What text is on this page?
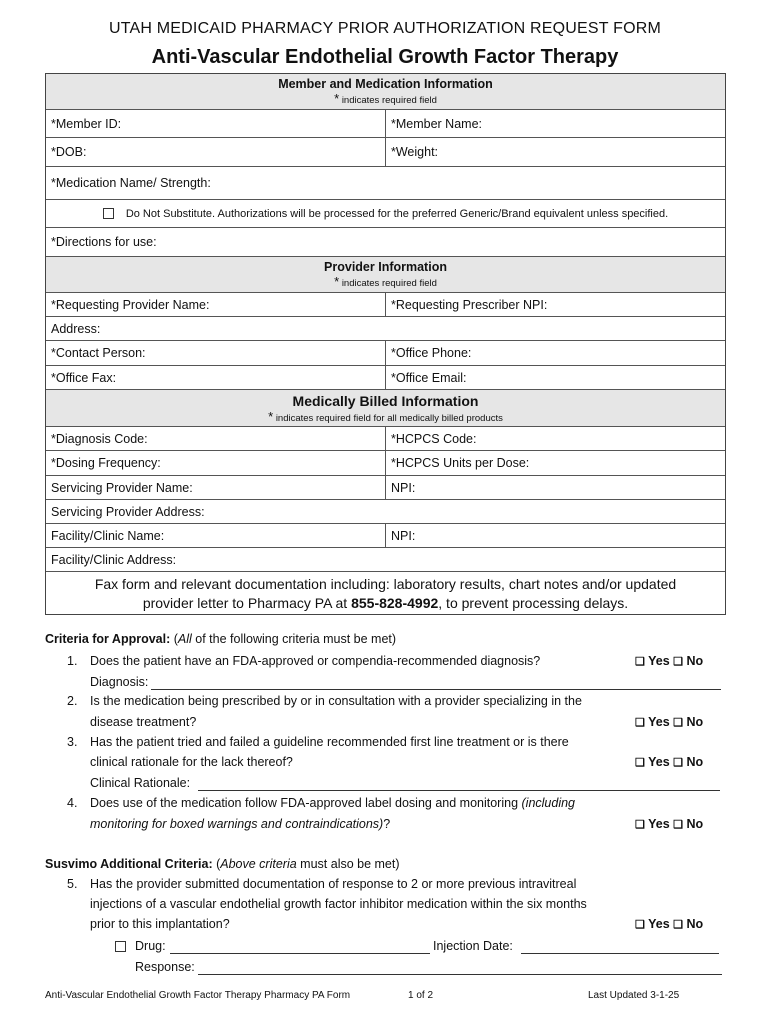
UTAH MEDICAID PHARMACY PRIOR AUTHORIZATION REQUEST FORM
Anti-Vascular Endothelial Growth Factor Therapy
Member and Medication Information
* indicates required field
*Member ID:	*Member Name:
*DOB:	*Weight:
*Medication Name/ Strength:
Do Not Substitute. Authorizations will be processed for the preferred Generic/Brand equivalent unless specified.
*Directions for use:
Provider Information
* indicates required field
*Requesting Provider Name:	*Requesting Prescriber NPI:
Address:
*Contact Person:	*Office Phone:
*Office Fax:	*Office Email:
Medically Billed Information
* indicates required field for all medically billed products
*Diagnosis Code:	*HCPCS Code:
*Dosing Frequency:	*HCPCS Units per Dose:
Servicing Provider Name:	NPI:
Servicing Provider Address:
Facility/Clinic Name:	NPI:
Facility/Clinic Address:
Fax form and relevant documentation including: laboratory results, chart notes and/or updated
provider letter to Pharmacy PA at 855-828-4992, to prevent processing delays.
Criteria for Approval: (All of the following criteria must be met)
1. Does the patient have an FDA-approved or compendia-recommended diagnosis?	❑ Yes ❑ No
Diagnosis:
2. Is the medication being prescribed by or in consultation with a provider specializing in the
disease treatment?	❑ Yes ❑ No
3. Has the patient tried and failed a guideline recommended first line treatment or is there
clinical rationale for the lack thereof?	❑ Yes ❑ No
Clinical Rationale:
4. Does use of the medication follow FDA-approved label dosing and monitoring (including
monitoring for boxed warnings and contraindications)?	❑ Yes ❑ No
Susvimo Additional Criteria: (Above criteria must also be met)
5. Has the provider submitted documentation of response to 2 or more previous intravitreal
injections of a vascular endothelial growth factor inhibitor medication within the six months
prior to this implantation?	❑ Yes ❑ No
Drug:	Injection Date:
Response:
Anti-Vascular Endothelial Growth Factor Therapy Pharmacy PA Form	1 of 2	Last Updated 3-1-25
